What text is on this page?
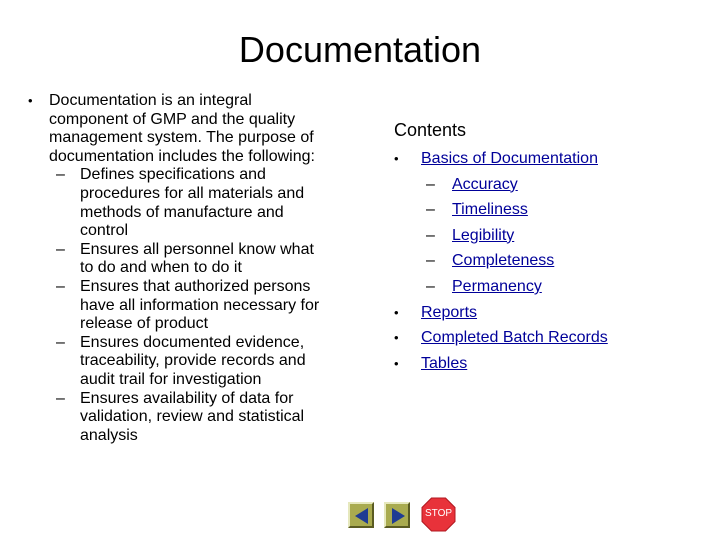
Documentation
• Documentation is an integral
component of GMP and the quality
management system. The purpose of
documentation includes the following:
– Defines specifications and
procedures for all materials and
methods of manufacture and
control
– Ensures all personnel know what
to do and when to do it
– Ensures that authorized persons
have all information necessary for
release of product
– Ensures documented evidence,
traceability, provide records and
audit trail for investigation
– Ensures availability of data for
validation, review and statistical
analysis
Contents
• Basics of Documentation
– Accuracy
– Timeliness
– Legibility
– Completeness
– Permanency
• Reports
• Completed Batch Records
• Tables
STOP
